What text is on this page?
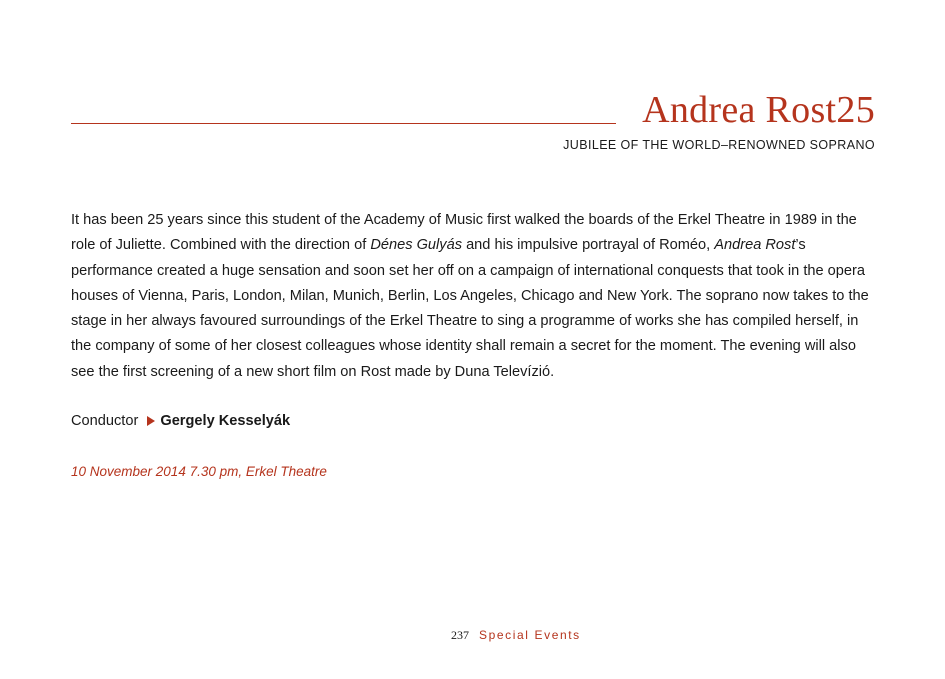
Andrea Rost25
JUBILEE OF THE WORLD–RENOWNED SOPRANO

It has been 25 years since this student of the Academy of Music first walked the boards of the Erkel Theatre in 1989 in the role of Juliette. Combined with the direction of Dénes Gulyás and his impulsive portrayal of Roméo, Andrea Rost’s performance created a huge sensation and soon set her off on a campaign of international conquests that took in the opera houses of Vienna, Paris, London, Milan, Munich, Berlin, Los Angeles, Chicago and New York. The soprano now takes to the stage in her always favoured surroundings of the Erkel Theatre to sing a programme of works she has compiled herself, in the company of some of her closest colleagues whose identity shall remain a secret for the moment. The evening will also see the first screening of a new short film on Rost made by Duna Televízió.

Conductor Gergely Kesselyák
10 November 2014 7.30 pm, Erkel Theatre
237 Special Events
